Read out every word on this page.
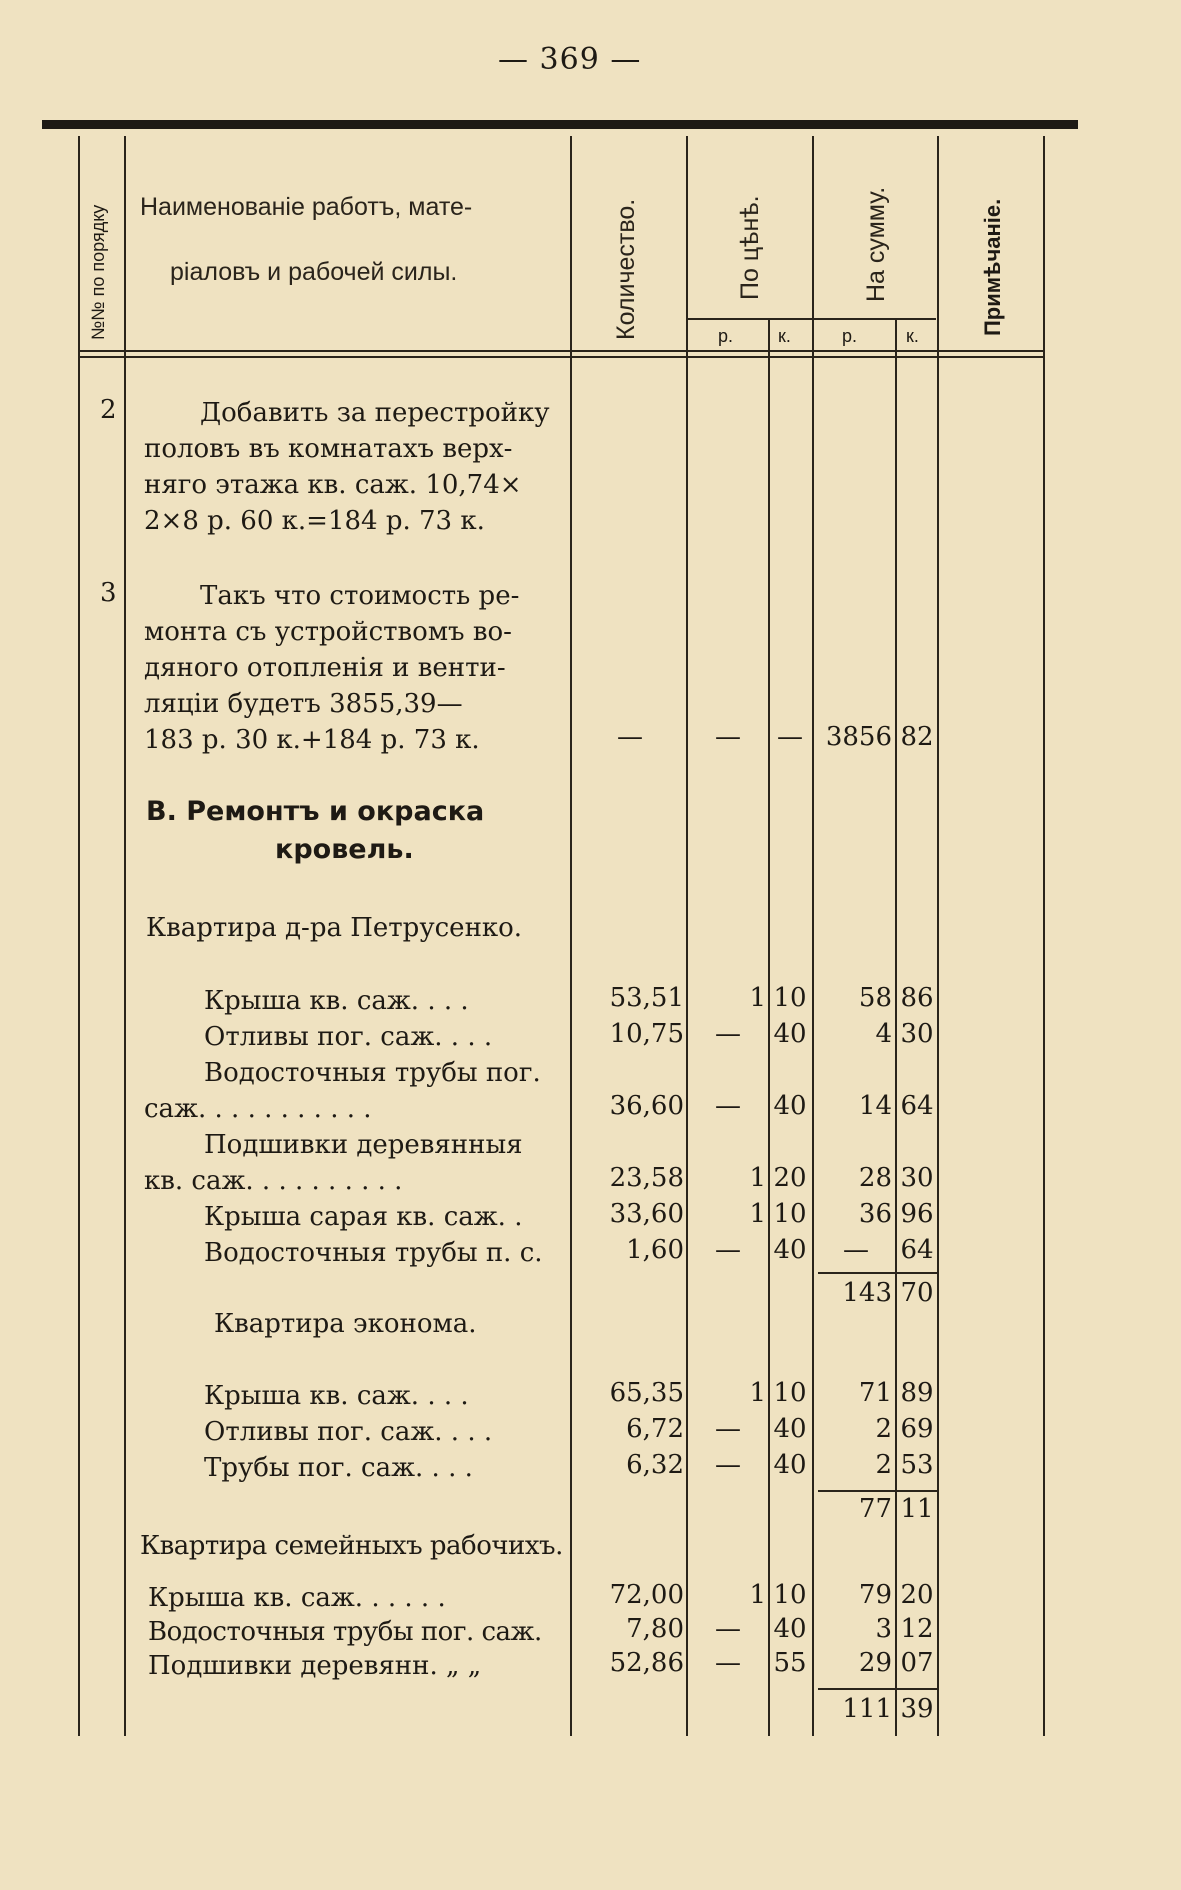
— 369 —
№№ по порядку Наименованіе работъ, мате-
ріаловъ и рабочей силы.	Количество.	По цѣнѣ.	На сумму.	Примѣчаніе.
р. к.	р.	к.
2	Добавить за перестройку
половъ въ комнатахъ верх-
няго этажа кв. саж. 10,74×
2×8 р. 60 к.=184 р. 73 к.
3	Такъ что стоимость ре-
монта съ устройствомъ во-
дяного отопленія и венти-
ляціи будетъ 3855,39—
183 р. 30 к.+184 р. 73 к.	—	—	— 3856 82
B. Ремонтъ и окраска
кровель.
Квартира д-ра Петрусенко.
Крыша кв. саж. . . .	53,51	1 10	58 86
Отливы пог. саж. . . .	10,75	—	40	4 30
Водосточныя трубы пог.
саж. . . . . . . . . . .	36,60	—	40	14 64
Подшивки деревянныя
кв. саж. . . . . . . . . .	23,58	1 20	28 30
Крыша сарая кв. саж. .	33,60	1 10	36 96
Водосточныя трубы п. с.	1,60	—	40	—	64
143 70
Квартира эконома.
Крыша кв. саж. . . .	65,35	1 10	71 89
Отливы пог. саж. . . .	6,72	—	40	2 69
Трубы пог. саж. . . .	6,32	—	40	2 53
77 11
Квартира семейныхъ рабочихъ.
Крыша кв. саж. . . . . .	72,00	1 10	79 20
Водосточныя трубы пог. саж.	7,80	—	40	3 12
Подшивки деревянн. „ „	52,86	—	55	29 07
111 39
